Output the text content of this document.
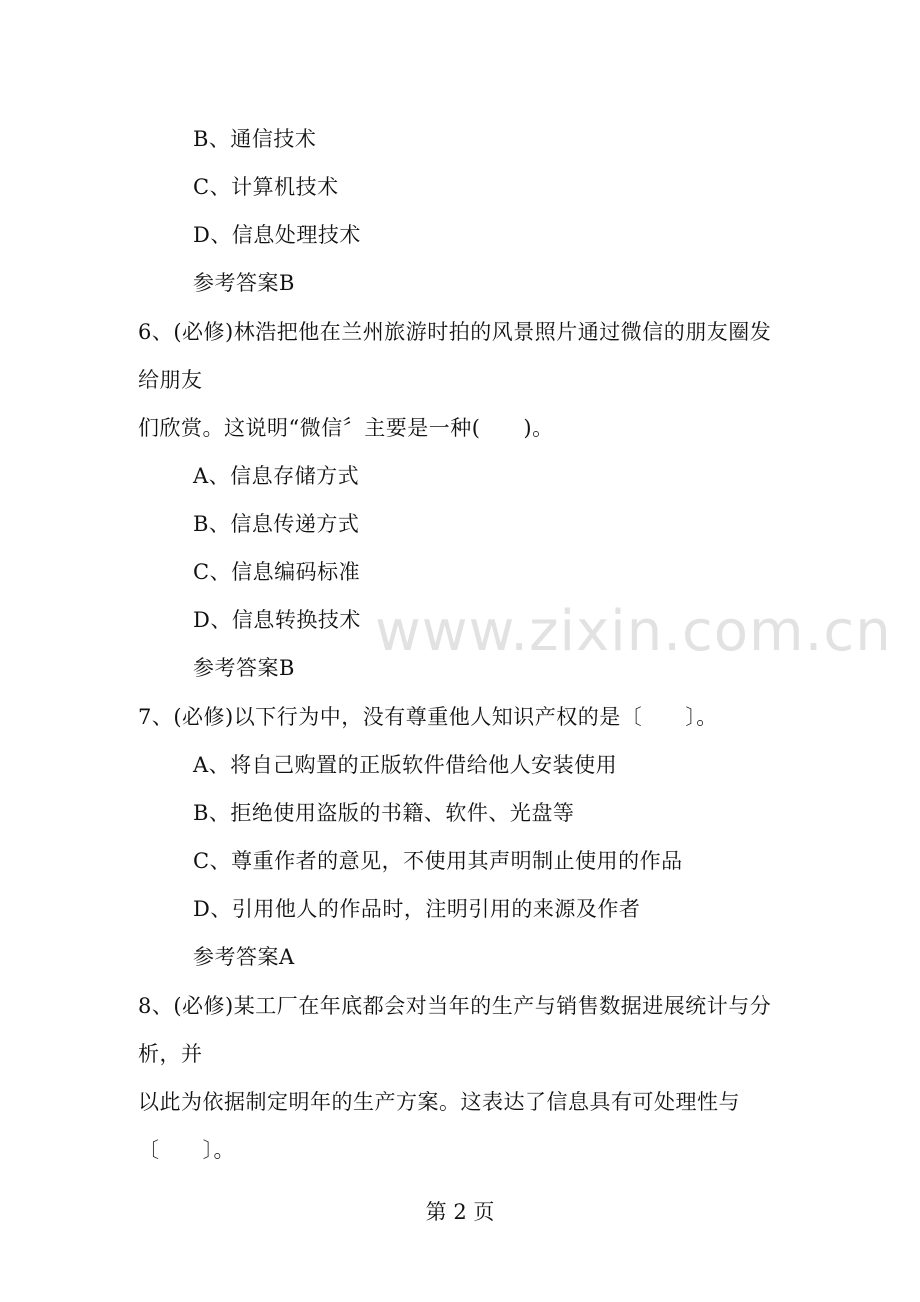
B、通信技术
C、计算机技术
D、信息处理技术
参考答案B
6、(必修)林浩把他在兰州旅游时拍的风景照片通过微信的朋友圈发
给朋友
们欣赏。这说明“微信〞主要是一种(　　)。
A、信息存储方式
B、信息传递方式
C、信息编码标准
D、信息转换技术
参考答案B
7、(必修)以下行为中，没有尊重他人知识产权的是〔　　〕。
A、将自己购置的正版软件借给他人安装使用
B、拒绝使用盗版的书籍、软件、光盘等
C、尊重作者的意见，不使用其声明制止使用的作品
D、引用他人的作品时，注明引用的来源及作者
参考答案A
8、(必修)某工厂在年底都会对当年的生产与销售数据进展统计与分
析，并
以此为依据制定明年的生产方案。这表达了信息具有可处理性与
〔　　〕。
www.zixin.com.cn
第 2 页
